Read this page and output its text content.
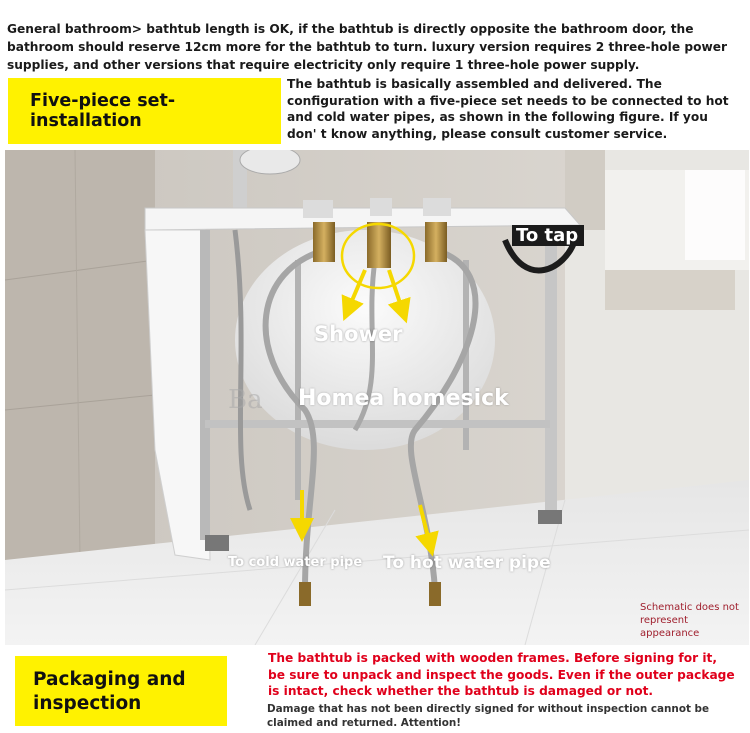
General bathroom> bathtub length is OK, if the bathtub is directly opposite the bathroom door, the bathroom should reserve 12cm more for the bathtub to turn. luxury version requires 2 three-hole power supplies, and other versions that require electricity only require 1 three-hole power supply.
Five-piece set-installation
The bathtub is basically assembled and delivered. The configuration with a five-piece set needs to be connected to hot and cold water pipes, as shown in the following figure. If you don' t know anything, please consult customer service.
To tap
Shower
Ba Homea homesick
To cold water pipe To hot water pipe
Schematic does not represent appearance
Packaging and inspection
The bathtub is packed with wooden frames. Before signing for it, be sure to unpack and inspect the goods. Even if the outer package is intact, check whether the bathtub is damaged or not.
Damage that has not been directly signed for without inspection cannot be claimed and returned. Attention!
